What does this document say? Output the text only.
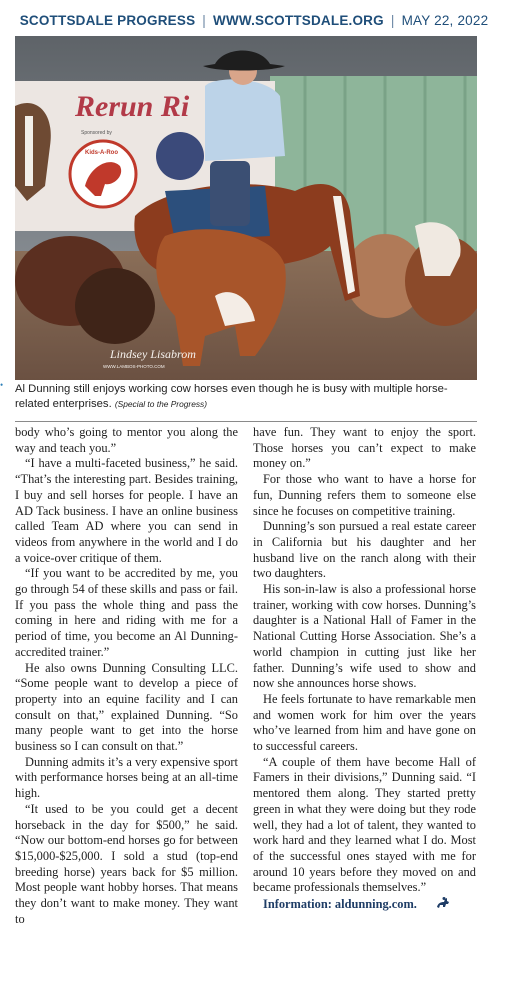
SCOTTSDALE PROGRESS | WWW.SCOTTSDALE.ORG | MAY 22, 2022
Rerun Ri
Sponsored by
Kids-A-Roo
Lindsey Lisabrom
WWW.LAMBOS-PHOTO.COM
• Al Dunning still enjoys working cow horses even though he is busy with multiple horse-related enterprises. (Special to the Progress)

body who’s going to mentor you along the way and teach you.”

“I have a multi-faceted business,” he said. “That’s the interesting part. Besides training, I buy and sell horses for people. I have an AD Tack business. I have an online business called Team AD where you can send in videos from anywhere in the world and I do a voice-over critique of them.

“If you want to be accredited by me, you go through 54 of these skills and pass or fail. If you pass the whole thing and pass the coming in here and riding with me for a period of time, you become an Al Dunning-accredited trainer.”

He also owns Dunning Consulting LLC. “Some people want to develop a piece of property into an equine facility and I can consult on that,” explained Dunning. “So many people want to get into the horse business so I can consult on that.”

Dunning admits it’s a very expensive sport with performance horses being at an all-time high.

“It used to be you could get a decent horseback in the day for $500,” he said. “Now our bottom-end horses go for between $15,000-$25,000. I sold a stud (top-end breeding horse) years back for $5 million. Most people want hobby horses. That means they don’t want to make money. They want to

have fun. They want to enjoy the sport. Those horses you can’t expect to make money on.”

For those who want to have a horse for fun, Dunning refers them to someone else since he focuses on competitive training.

Dunning’s son pursued a real estate career in California but his daughter and her husband live on the ranch along with their two daughters.

His son-in-law is also a professional horse trainer, working with cow horses. Dunning’s daughter is a National Hall of Famer in the National Cutting Horse Association. She’s a world champion in cutting just like her father. Dunning’s wife used to show and now she announces horse shows.

He feels fortunate to have remarkable men and women work for him over the years who’ve learned from him and have gone on to successful careers.

“A couple of them have become Hall of Famers in their divisions,” Dunning said. “I mentored them along. They started pretty green in what they were doing but they rode well, they had a lot of talent, they wanted to work hard and they learned what I do. Most of the successful ones stayed with me for around 10 years before they moved on and became professionals themselves.”

Information: aldunning.com.
